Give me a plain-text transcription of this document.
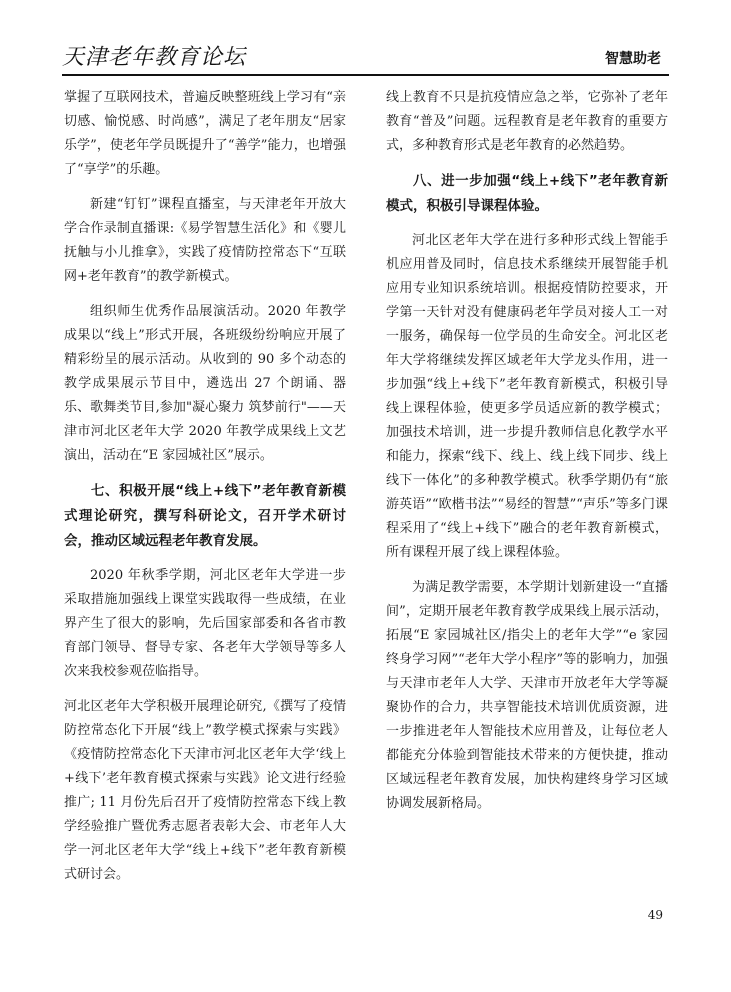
天津老年教育论坛	智慧助老

掌握了互联网技术，普遍反映整班线上学习有“亲切感、愉悦感、时尚感”，满足了老年朋友“居家乐学”，使老年学员既提升了“善学”能力，也增强了“享学”的乐趣。

新建“钉钉”课程直播室，与天津老年开放大学合作录制直播课:《易学智慧生活化》和《婴儿抚触与小儿推拿》，实践了疫情防控常态下“互联网+老年教育”的教学新模式。

组织师生优秀作品展演活动。2020 年教学成果以“线上”形式开展，各班级纷纷响应开展了精彩纷呈的展示活动。从收到的 90 多个动态的教学成果展示节目中，遴选出 27 个朗诵、器乐、歌舞类节目,参加"凝心聚力 筑梦前行"——天津市河北区老年大学 2020 年教学成果线上文艺演出，活动在“E 家园城社区”展示。

七、积极开展“线上+线下”老年教育新模式理论研究，撰写科研论文，召开学术研讨会，推动区域远程老年教育发展。

2020 年秋季学期，河北区老年大学进一步采取措施加强线上课堂实践取得一些成绩，在业界产生了很大的影响，先后国家部委和各省市教育部门领导、督导专家、各老年大学领导等多人次来我校参观莅临指导。

河北区老年大学积极开展理论研究,《撰写了疫情防控常态化下开展“线上”教学模式探索与实践》《疫情防控常态化下天津市河北区老年大学‘线上+线下’老年教育模式探索与实践》论文进行经验推广; 11 月份先后召开了疫情防控常态下线上教学经验推广暨优秀志愿者表彰大会、市老年人大学一河北区老年大学“线上+线下”老年教育新模式研讨会。

线上教育不只是抗疫情应急之举，它弥补了老年教育“普及”问题。远程教育是老年教育的重要方式，多种教育形式是老年教育的必然趋势。

八、进一步加强“线上+线下”老年教育新模式，积极引导课程体验。

河北区老年大学在进行多种形式线上智能手机应用普及同时，信息技术系继续开展智能手机应用专业知识系统培训。根据疫情防控要求，开学第一天针对没有健康码老年学员对接人工一对一服务，确保每一位学员的生命安全。河北区老年大学将继续发挥区域老年大学龙头作用，进一步加强“线上+线下”老年教育新模式，积极引导线上课程体验，使更多学员适应新的教学模式；加强技术培训，进一步提升教师信息化教学水平和能力，探索“线下、线上、线上线下同步、线上线下一体化”的多种教学模式。秋季学期仍有“旅游英语”“欧楷书法”“易经的智慧”“声乐”等多门课程采用了“线上+线下”融合的老年教育新模式，所有课程开展了线上课程体验。

为满足教学需要，本学期计划新建设一“直播间”，定期开展老年教育教学成果线上展示活动，拓展“E 家园城社区/指尖上的老年大学”“e 家园终身学习网”“老年大学小程序”等的影响力，加强与天津市老年人大学、天津市开放老年大学等凝聚协作的合力，共享智能技术培训优质资源，进一步推进老年人智能技术应用普及，让每位老人都能充分体验到智能技术带来的方便快捷，推动区域远程老年教育发展，加快构建终身学习区域协调发展新格局。

49
